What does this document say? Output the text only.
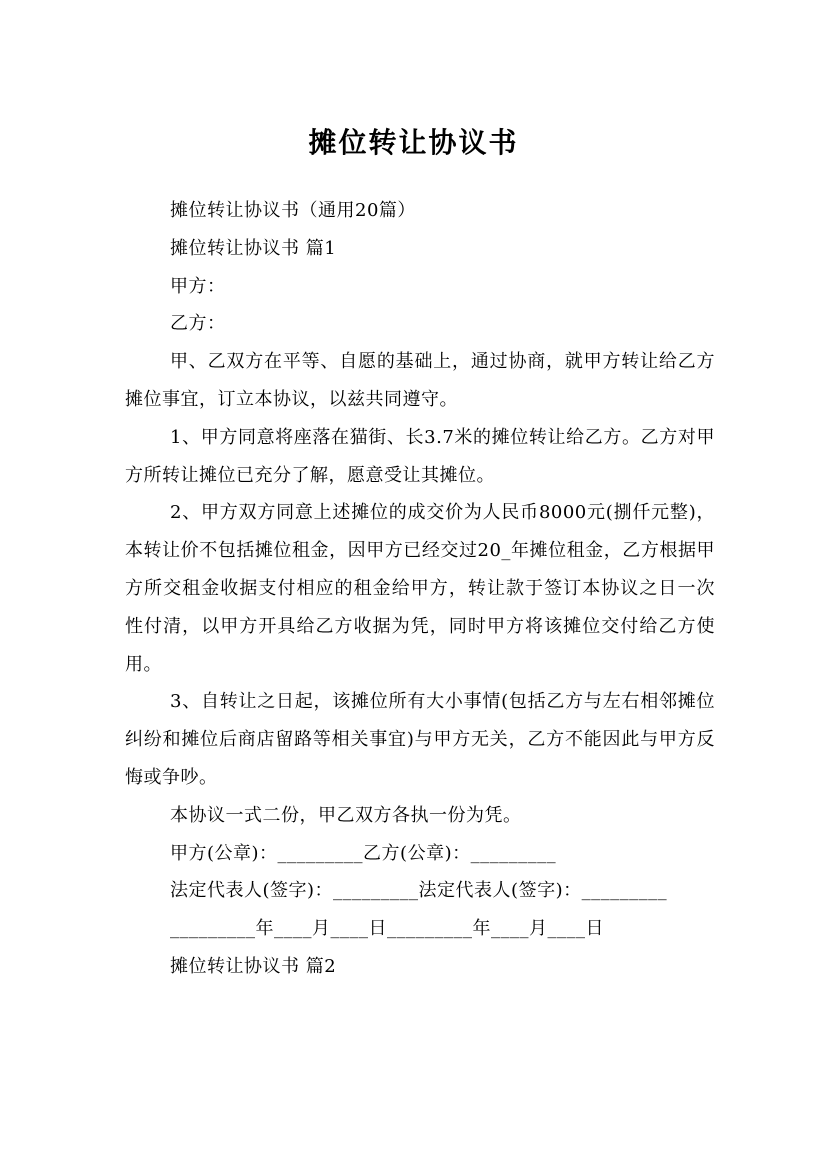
摊位转让协议书

摊位转让协议书（通用20篇）

摊位转让协议书 篇1

甲方：

乙方：

甲、乙双方在平等、自愿的基础上，通过协商，就甲方转让给乙方摊位事宜，订立本协议，以兹共同遵守。

1、甲方同意将座落在猫街、长3.7米的摊位转让给乙方。乙方对甲方所转让摊位已充分了解，愿意受让其摊位。

2、甲方双方同意上述摊位的成交价为人民币8000元(捌仟元整)，本转让价不包括摊位租金，因甲方已经交过20_年摊位租金，乙方根据甲方所交租金收据支付相应的租金给甲方，转让款于签订本协议之日一次性付清，以甲方开具给乙方收据为凭，同时甲方将该摊位交付给乙方使用。

3、自转让之日起，该摊位所有大小事情(包括乙方与左右相邻摊位纠纷和摊位后商店留路等相关事宜)与甲方无关，乙方不能因此与甲方反悔或争吵。

本协议一式二份，甲乙双方各执一份为凭。

甲方(公章)：_________乙方(公章)：_________

法定代表人(签字)：_________法定代表人(签字)：_________

_________年____月____日_________年____月____日

摊位转让协议书 篇2
